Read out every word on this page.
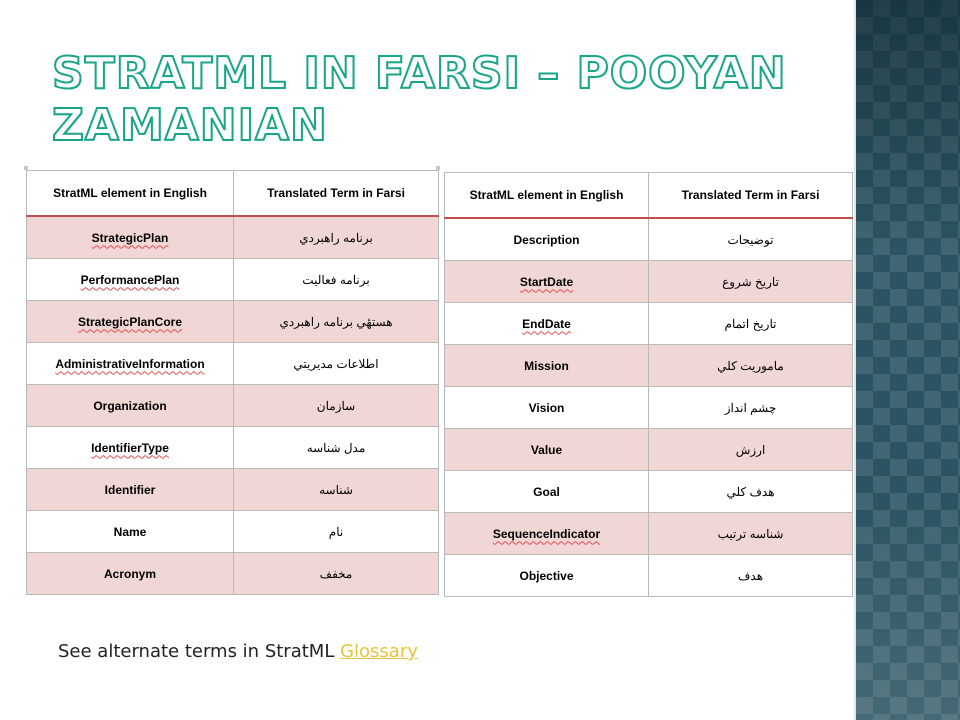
STRATML IN FARSI – POOYAN ZAMANIAN
StratML element in English	Translated Term in Farsi
StrategicPlan	برنامه راهبردي
PerformancePlan	برنامه فعاليت
StrategicPlanCore	هستهٔي برنامه راهبردي
AdministrativeInformation	اطلاعات مديريتي
Organization	سازمان
IdentifierType	مدل شناسه
Identifier	شناسه
Name	نام
Acronym	مخفف
StratML element in English	Translated Term in Farsi
Description	توضيحات
StartDate	تاريخ شروع
EndDate	تاريخ اتمام
Mission	ماموريت كلي
Vision	چشم انداز
Value	ارزش
Goal	هدف كلي
SequenceIndicator	شناسه ترتيب
Objective	هدف
See alternate terms in StratML Glossary
